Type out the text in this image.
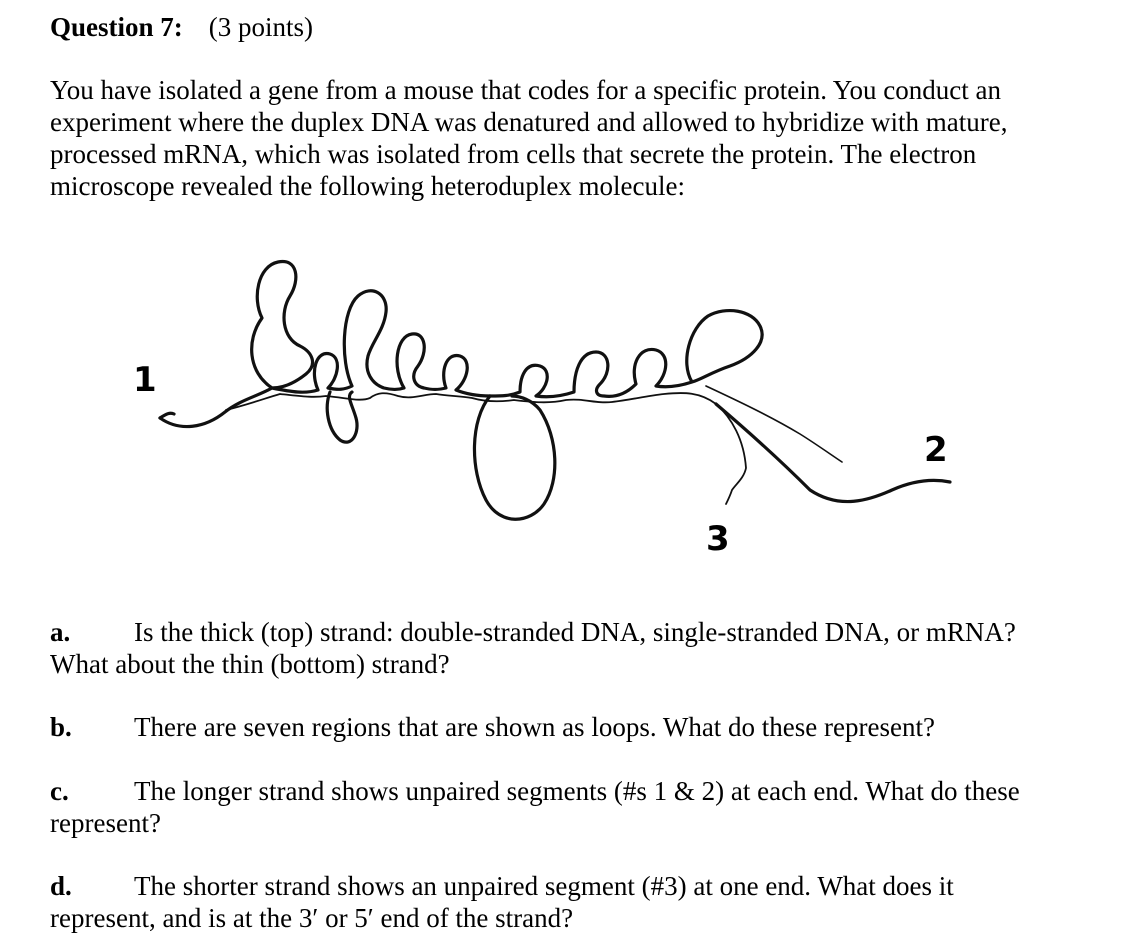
Question 7: (3 points)

You have isolated a gene from a mouse that codes for a specific protein. You conduct an

experiment where the duplex DNA was denatured and allowed to hybridize with mature,

processed mRNA, which was isolated from cells that secrete the protein. The electron

microscope revealed the following heteroduplex molecule:

1
2
3

a. Is the thick (top) strand: double-stranded DNA, single-stranded DNA, or mRNA?

What about the thin (bottom) strand?

b. There are seven regions that are shown as loops. What do these represent?

c. The longer strand shows unpaired segments (#s 1 & 2) at each end. What do these

represent?

d. The shorter strand shows an unpaired segment (#3) at one end. What does it

represent, and is at the 3′ or 5′ end of the strand?
